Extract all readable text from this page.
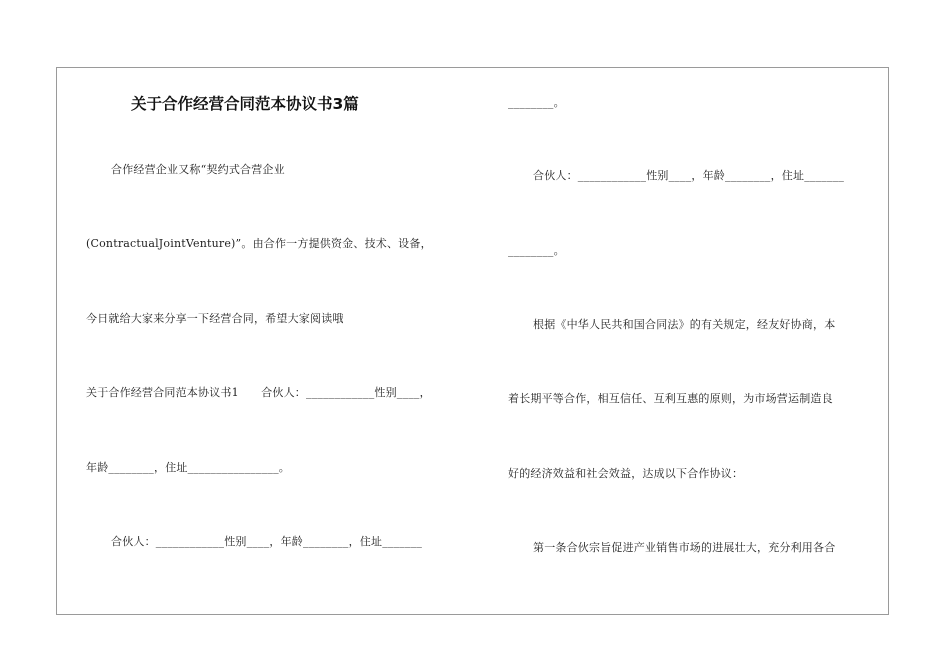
关于合作经营合同范本协议书3篇
合作经营企业又称“契约式合营企业
(ContractualJointVenture)”。由合作一方提供资金、技术、设备，
今日就给大家来分享一下经营合同，希望大家阅读哦
关于合作经营合同范本协议书1　　合伙人：____________性别____，
年龄________，住址________________。
合伙人：____________性别____，年龄________，住址_______
________。
合伙人：____________性别____，年龄________，住址_______
________。
根据《中华人民共和国合同法》的有关规定，经友好协商，本
着长期平等合作，相互信任、互利互惠的原则，为市场营运制造良
好的经济效益和社会效益，达成以下合作协议：
第一条合伙宗旨促进产业销售市场的进展壮大，充分利用各合
